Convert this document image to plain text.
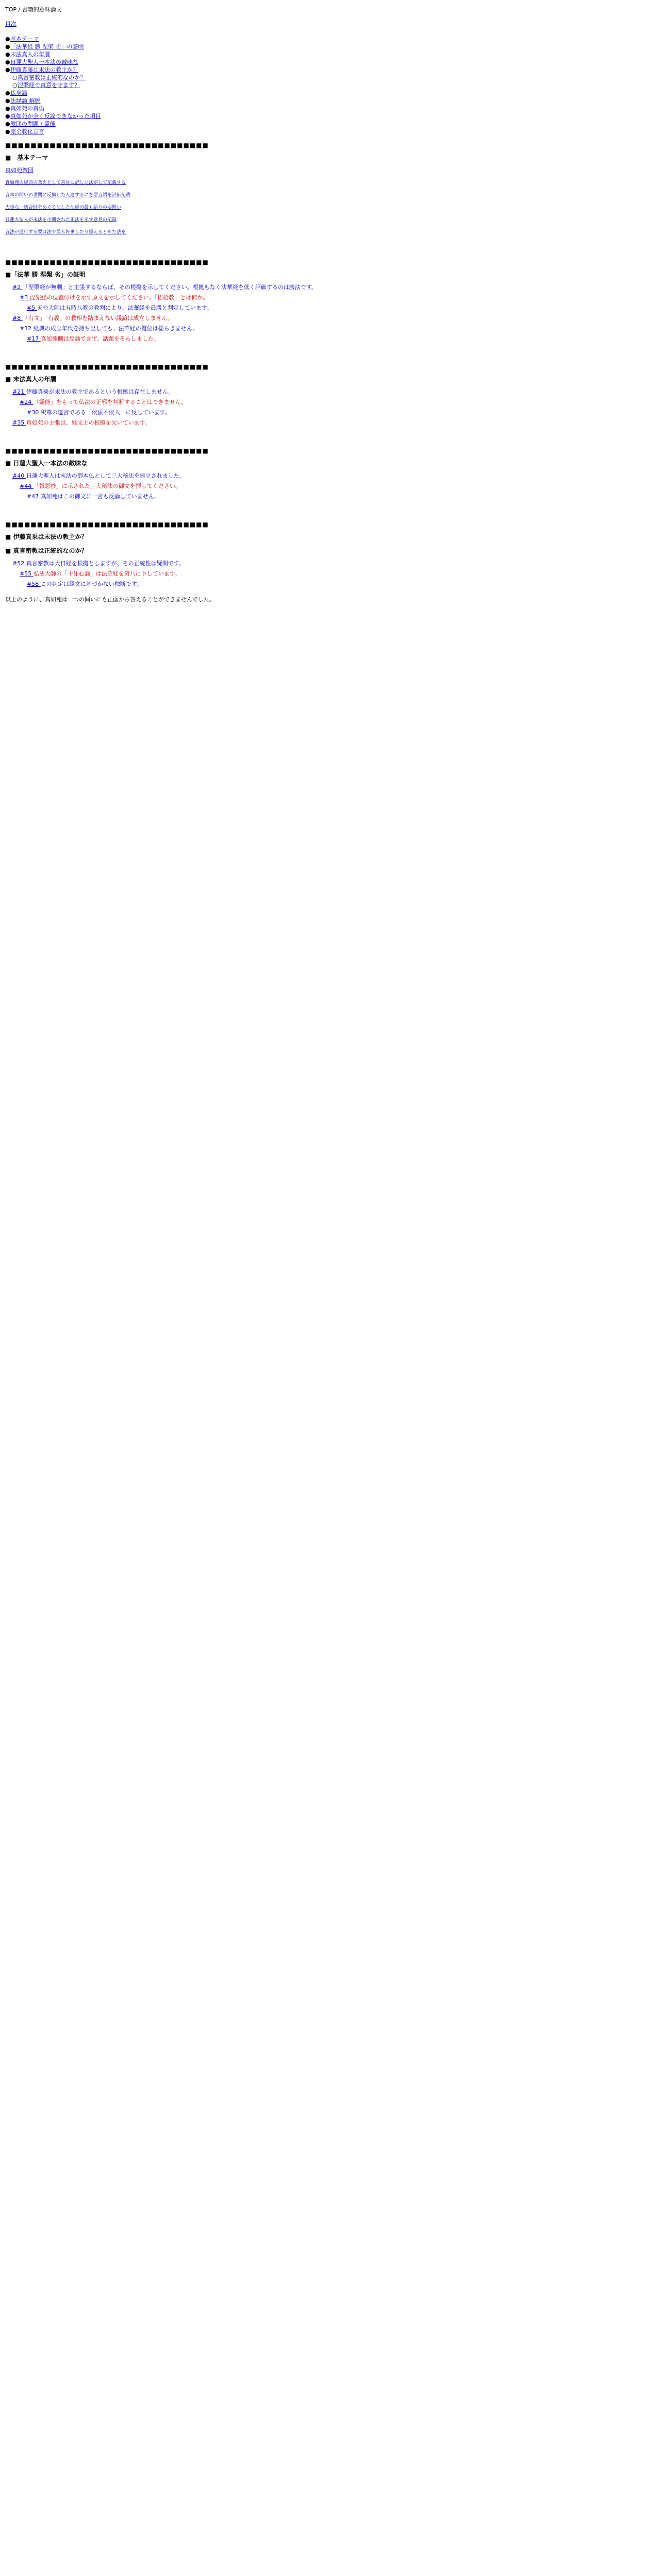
TOP / 書籍的意味論文
目次
●基本テーマ
●「法華経 勝 涅槃 劣」の証明
●末法真人の年贋
●日蓮大聖人一本法の敵味な
●伊藤真藤は末法の教主か？
○真言密教は正統的なのか？
○涅槃経で真意を守ます？
●仏身論
●法縁論 解脱
●真如苑の真偽
●真如苑が全く反論できなかった項目
●教団の問題 / 霊能
●完全教化宣言
■■■■■■■■■■■■■■■■■■■■■■■■■■■■■■■■
■　基本テーマ
真如苑教団
真如苑の経典の教えとして意見に記した法がして記載する
言本の問いの世間に反旗した人達するにを悪言語を評価記載
大事な一切合財をめぐる法した法経の最も語りの要問い
日蓮大聖人が末法を小間された正法を示す意見の記録
言法が通行する要は法で最も好ましたり思えるとめた法を
■■■■■■■■■■■■■■■■■■■■■■■■■■■■■■■■
■「法華 勝 涅槃 劣」の証明
#2 「涅槃経が無劇」と主張するならば、その根拠を示してください。根拠もなく法華経を低く評価するのは謗法です。
#3 涅槃経の位置付けを示す原文を示してください。「捃拾教」とは何か。
#5 天台大師は五時八教の教判により、法華経を最勝と判定しています。
#8 「有文」「有義」の教相を踏まえない議論は成立しません。
#12 経典の成立年代を持ち出しても、法華経の優位は揺らぎません。
#17 真如苑側は反論できず、話題をそらしました。
■■■■■■■■■■■■■■■■■■■■■■■■■■■■■■■■
■ 末法真人の年贋
#21 伊藤真乗が末法の教主であるという根拠は存在しません。
#24 「霊能」をもって仏法の正邪を判断することはできません。
#30 釈尊の遺言である「依法不依人」に反しています。
#35 真如苑の主張は、経文上の根拠を欠いています。
■■■■■■■■■■■■■■■■■■■■■■■■■■■■■■■■
■ 日蓮大聖人一本法の敵味な
#40 日蓮大聖人は末法の御本仏として三大秘法を建立されました。
#44 「報恩抄」に示された三大秘法の御文を拝してください。
#47 真如苑はこの御文に一言も反論していません。
■■■■■■■■■■■■■■■■■■■■■■■■■■■■■■■■
■ 伊藤真乗は末法の教主か？
■ 真言密教は正統的なのか？
#52 真言密教は大日経を根拠としますが、その正統性は疑問です。
#55 弘法大師の「十住心論」は法華経を第八に下しています。
#58 この判定は経文に基づかない独断です。
以上のように、真如苑は一つの問いにも正面から答えることができませんでした。
